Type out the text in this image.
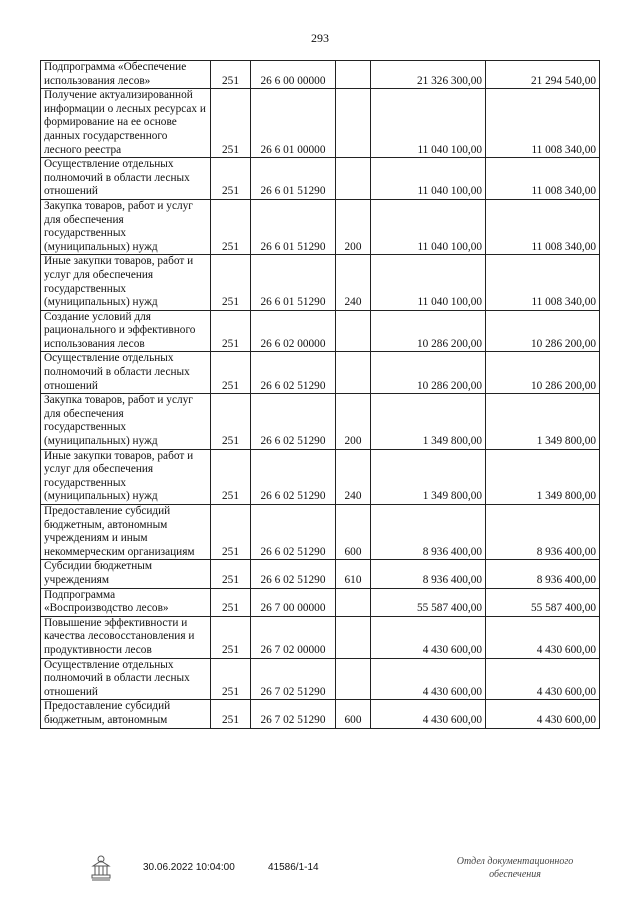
293
Подпрограмма «Обеспечение использования лесов»	251	26 6 00 00000		21 326 300,00	21 294 540,00
Получение актуализированной информации о лесных ресурсах и формирование на ее основе данных государственного лесного реестра	251	26 6 01 00000		11 040 100,00	11 008 340,00
Осуществление отдельных полномочий в области лесных отношений	251	26 6 01 51290		11 040 100,00	11 008 340,00
Закупка товаров, работ и услуг для обеспечения государственных (муниципальных) нужд	251	26 6 01 51290	200	11 040 100,00	11 008 340,00
Иные закупки товаров, работ и услуг для обеспечения государственных (муниципальных) нужд	251	26 6 01 51290	240	11 040 100,00	11 008 340,00
Создание условий для рационального и эффективного использования лесов	251	26 6 02 00000		10 286 200,00	10 286 200,00
Осуществление отдельных полномочий в области лесных отношений	251	26 6 02 51290		10 286 200,00	10 286 200,00
Закупка товаров, работ и услуг для обеспечения государственных (муниципальных) нужд	251	26 6 02 51290	200	1 349 800,00	1 349 800,00
Иные закупки товаров, работ и услуг для обеспечения государственных (муниципальных) нужд	251	26 6 02 51290	240	1 349 800,00	1 349 800,00
Предоставление субсидий бюджетным, автономным учреждениям и иным некоммерческим организациям	251	26 6 02 51290	600	8 936 400,00	8 936 400,00
Субсидии бюджетным учреждениям	251	26 6 02 51290	610	8 936 400,00	8 936 400,00
Подпрограмма «Воспроизводство лесов»	251	26 7 00 00000		55 587 400,00	55 587 400,00
Повышение эффективности и качества лесовосстановления и продуктивности лесов	251	26 7 02 00000		4 430 600,00	4 430 600,00
Осуществление отдельных полномочий в области лесных отношений	251	26 7 02 51290		4 430 600,00	4 430 600,00
Предоставление субсидий бюджетным, автономным	251	26 7 02 51290	600	4 430 600,00	4 430 600,00
30.06.2022 10:04:00	41586/1-14
Отдел документационного
обеспечения
